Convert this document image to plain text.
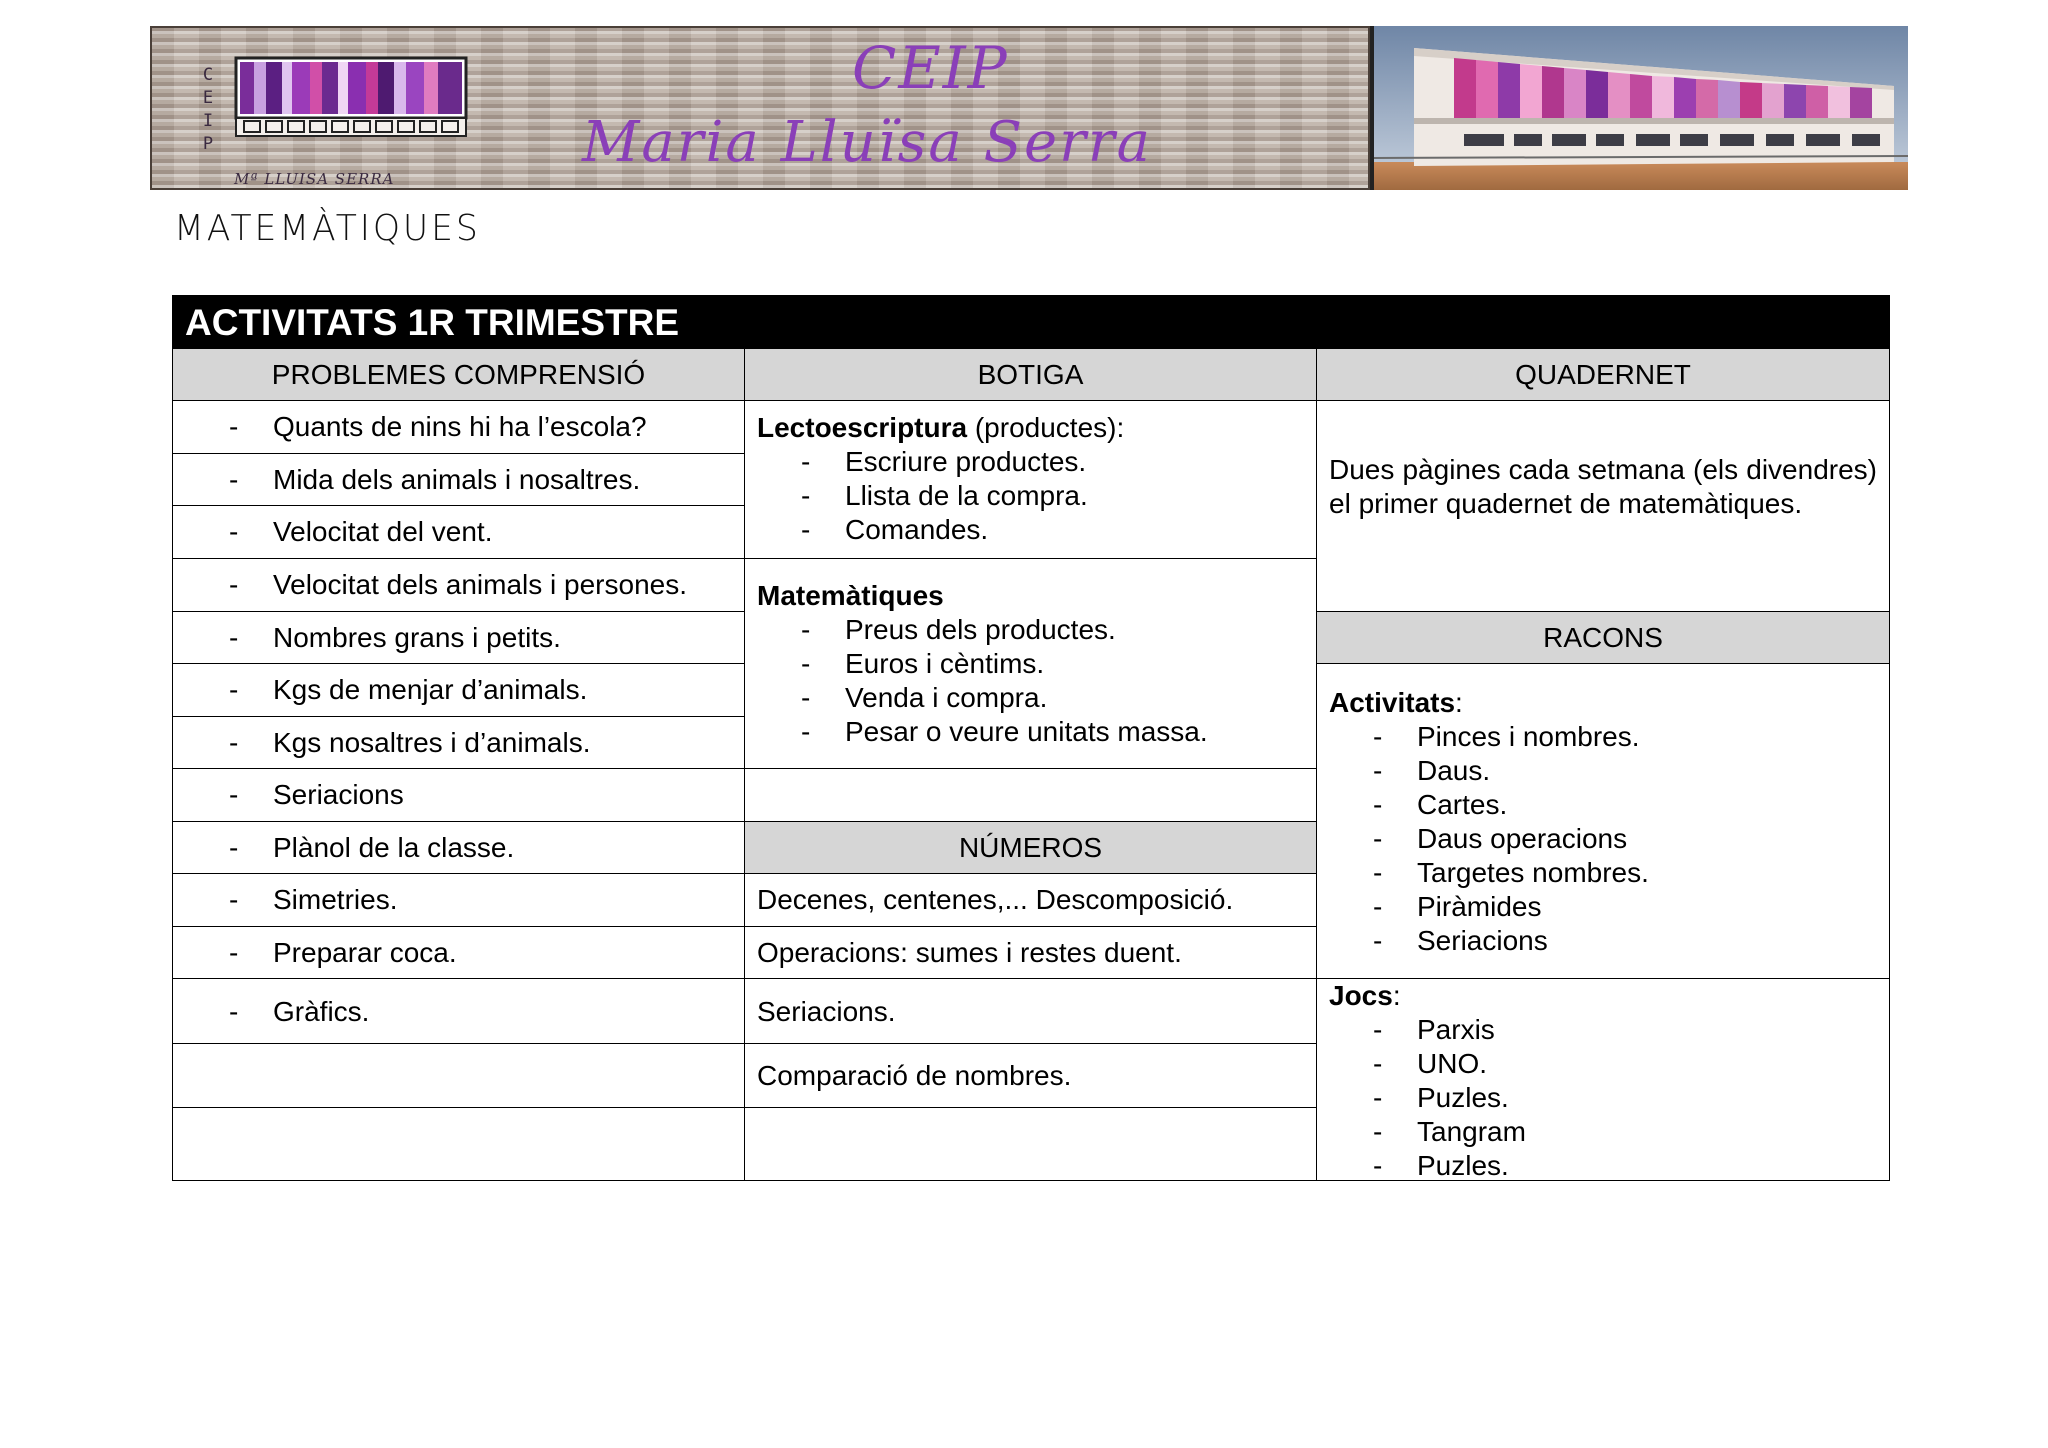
C
E
I
P
Mª LLUISA SERRA
CEIP
Maria Lluïsa Serra
MATEMÀTIQUES
ACTIVITATS 1R TRIMESTRE
PROBLEMES COMPRENSIÓ	BOTIGA	QUADERNET
- Quants de nins hi ha l’escola?
- Mida dels animals i nosaltres.
- Velocitat del vent.
- Velocitat dels animals i persones.
- Nombres grans i petits.
- Kgs de menjar d’animals.
- Kgs nosaltres i d’animals.
- Seriacions
- Plànol de la classe.
- Simetries.
- Preparar coca.
- Gràfics.
Lectoescriptura (productes):
- Escriure productes.
- Llista de la compra.
- Comandes.
Matemàtiques
- Preus dels productes.
- Euros i cèntims.
- Venda i compra.
- Pesar o veure unitats massa.
NÚMEROS
Decenes, centenes,... Descomposició.
Operacions: sumes i restes duent.
Seriacions.
Comparació de nombres.
Dues pàgines cada setmana (els divendres) el primer quadernet de matemàtiques.
RACONS
Activitats:
- Pinces i nombres.
- Daus.
- Cartes.
- Daus operacions
- Targetes nombres.
- Piràmides
- Seriacions
Jocs:
- Parxis
- UNO.
- Puzles.
- Tangram
- Puzles.
